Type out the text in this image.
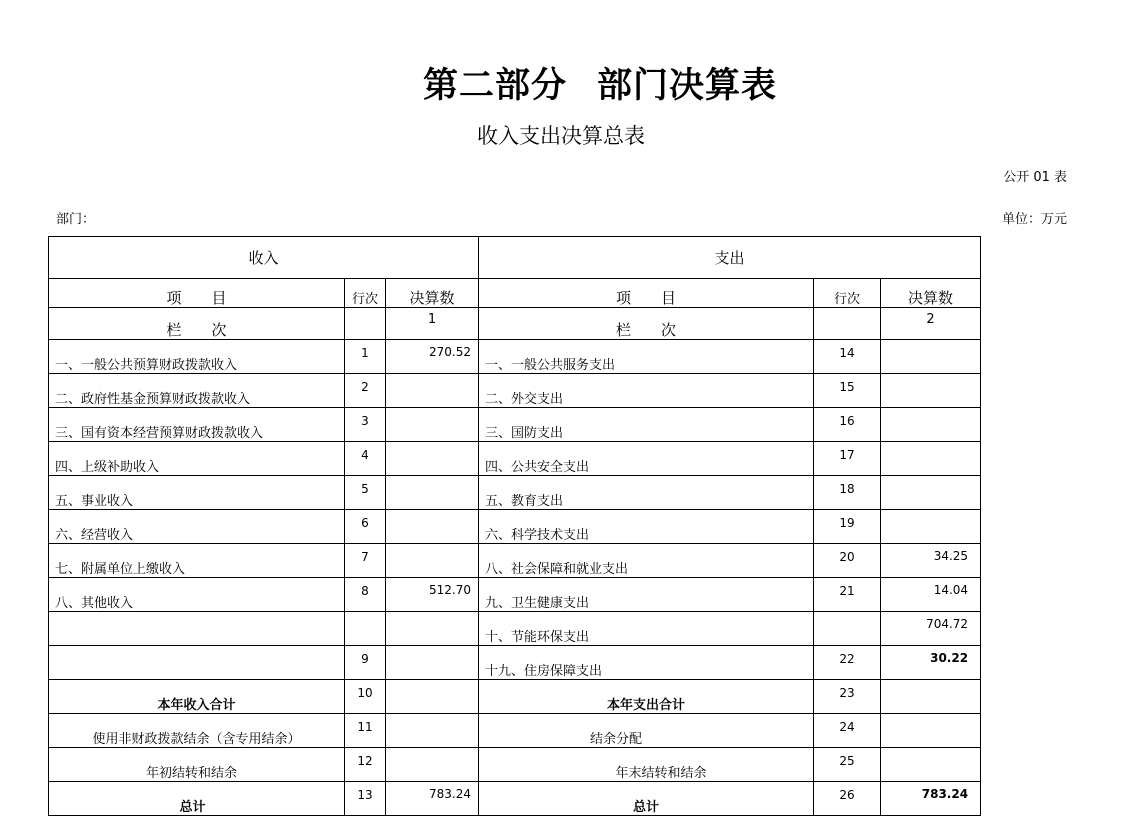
第二部分 部门决算表
收入支出决算总表
公开 01 表
部门：	单位：万元
收入			支出		
项　　目	行次	决算数	项　　目	行次	决算数
栏　　次		1	栏　　次		2
一、一般公共预算财政拨款收入	1	270.52	一、一般公共服务支出	14	
二、政府性基金预算财政拨款收入	2		二、外交支出	15	
三、国有资本经营预算财政拨款收入	3		三、国防支出	16	
四、上级补助收入	4		四、公共安全支出	17	
五、事业收入	5		五、教育支出	18	
六、经营收入	6		六、科学技术支出	19	
七、附属单位上缴收入	7		八、社会保障和就业支出	20	34.25
八、其他收入	8	512.70	九、卫生健康支出	21	14.04
			十、节能环保支出		704.72
	9		十九、住房保障支出	22	30.22
本年收入合计	10		本年支出合计	23	
使用非财政拨款结余（含专用结余）	11		结余分配	24	
年初结转和结余	12		年末结转和结余	25	
总计	13	783.24	总计	26	783.24
